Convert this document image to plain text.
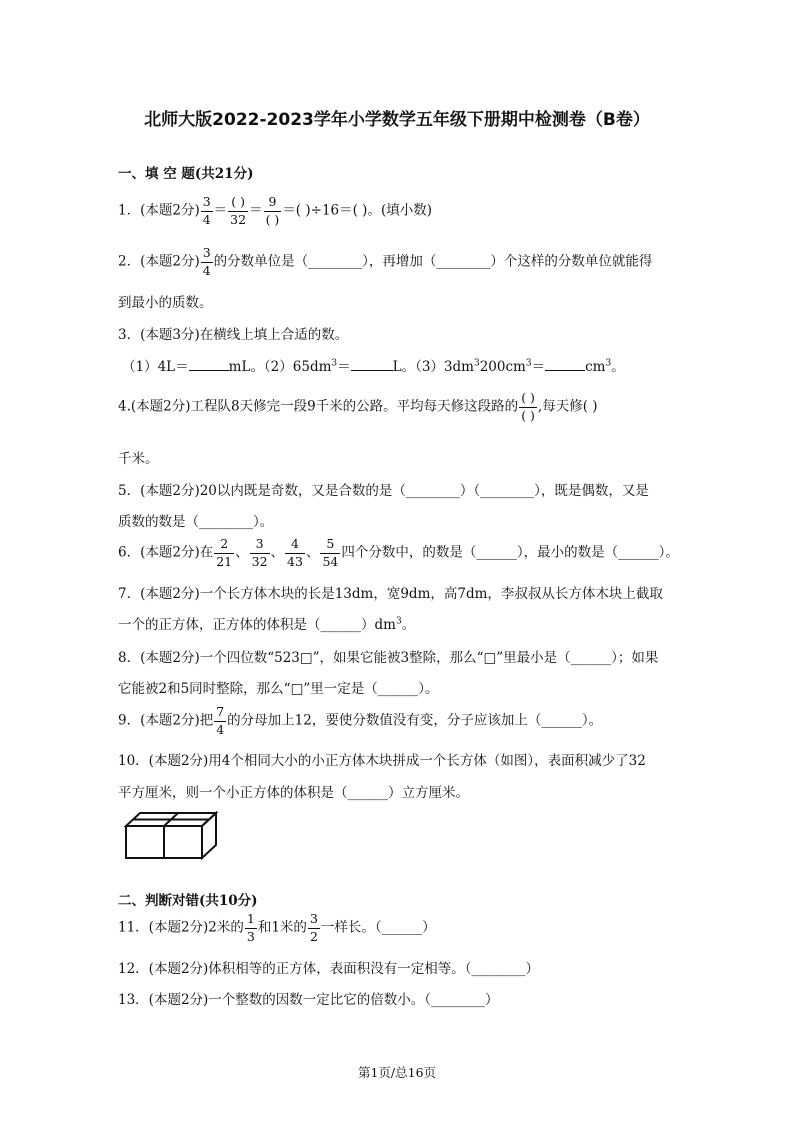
北师大版2022-2023学年小学数学五年级下册期中检测卷（B卷）
一、填 空 题(共21分)
1．(本题2分) $\frac{3}{4} = \frac{( )}{32} = \frac{9}{( )}$ ＝( )÷16＝( )。(填小数)
2．(本题2分) $\frac{3}{4}$ 的分数单位是（________），再增加（________）个这样的分数单位就能得
到最小的质数。
3．(本题3分)在横线上填上合适的数。
（1）4L＝	mL。$(2)65dm^3=$	L。$(3)3dm^3200cm^3=$	$cm^3$。
4.(本题2分)工程队8天修完一段9千米的公路。平均每天修这段路的 $\frac{( )}{( )}$ ,每天修( )
千米。
5．(本题2分)20以内既是奇数，又是合数的是（________）（________），既是偶数，又是
质数的数是（________）。
6．(本题2分)在 $\frac{2}{21}$ 、 $\frac{3}{32}$ 、 $\frac{4}{43}$ 、 $\frac{5}{54}$ 四个分数中，的数是（______），最小的数是（______）。
7．(本题2分)一个长方体木块的长是13dm，宽9dm，高7dm，李叔叔从长方体木块上截取
一个的正方体，正方体的体积是$(\_\_\_\_\_\_)dm^3$。
8．(本题2分)一个四位数“523□”，如果它能被3整除，那么“□”里最小是（______）；如果
它能被2和5同时整除，那么“□”里一定是（______）。
9．(本题2分)把 $\frac{7}{4}$ 的分母加上12，要使分数值没有变，分子应该加上（______）。
10．(本题2分)用4个相同大小的小正方体木块拼成一个长方体（如图），表面积减少了32
平方厘米，则一个小正方体的体积是（______）立方厘米。
二、判断对错(共10分)
11．(本题2分)2米的 $\frac{1}{3}$ 和1米的 $\frac{3}{2}$ 一样长。（______）
12．(本题2分)体积相等的正方体，表面积没有一定相等。（________）
13．(本题2分)一个整数的因数一定比它的倍数小。（________）
第1页/总16页
